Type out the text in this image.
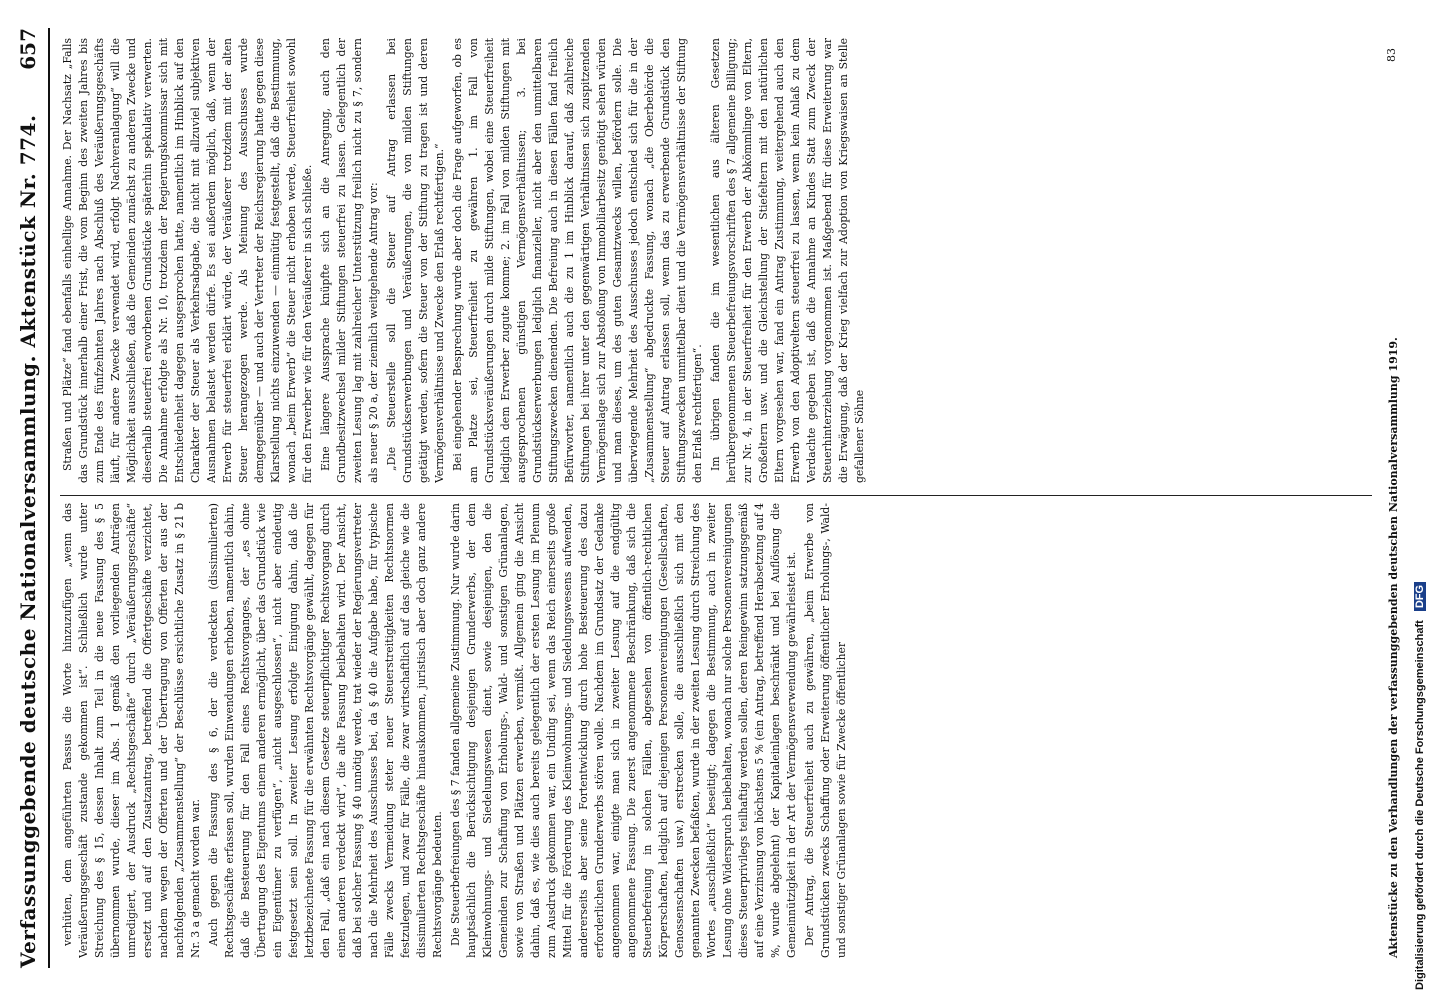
Verfassunggebende deutsche Nationalversammlung. Aktenstück Nr. 774.
657

verhüten, dem angeführten Passus die Worte hinzuzufügen „wenn das Veräußerungsgeschäft zustande gekommen ist“. Schließlich wurde unter Streichung des § 15, dessen Inhalt zum Teil in die neue Fassung des § 5 übernommen wurde, dieser im Abs. 1 gemäß den vorliegenden Anträgen umredigiert, der Ausdruck „Rechtsgeschäfte“ durch „Veräußerungsgeschäfte“ ersetzt und auf den Zusatzantrag, betreffend die Offertgeschäfte verzichtet, nachdem wegen der Offerten und der Übertragung von Offerten der aus der nachfolgenden „Zusammenstellung“ der Beschlüsse ersichtliche Zusatz in § 21 b Nr. 3 a gemacht worden war. Auch gegen die Fassung des § 6, der die verdeckten (dissimulierten) Rechtsgeschäfte erfassen soll, wurden Einwendungen erhoben, namentlich dahin, daß die Besteuerung für den Fall eines Rechtsvorganges, der „es ohne Übertragung des Eigentums einem anderen ermöglicht, über das Grundstück wie ein Eigentümer zu verfügen“, „nicht ausgeschlossen“, nicht aber eindeutig festgesetzt sein soll. In zweiter Lesung erfolgte Einigung dahin, daß die letztbezeichnete Fassung für die erwähnten Rechtsvorgänge gewählt, dagegen für den Fall, „daß ein nach diesem Gesetze steuerpflichtiger Rechtsvorgang durch einen anderen verdeckt wird“, die alte Fassung beibehalten wird. Der Ansicht, daß bei solcher Fassung § 40 unnötig werde, trat wieder der Regierungsvertreter nach die Mehrheit des Ausschusses bei, da § 40 die Aufgabe habe, für typische Fälle zwecks Vermeidung steter neuer Steuerstreitigkeiten Rechtsnormen festzulegen, und zwar für Fälle, die zwar wirtschaftlich auf das gleiche wie die dissimulierten Rechtsgeschäfte hinauskommen, juristisch aber doch ganz andere Rechtsvorgänge bedeuten. Die Steuerbefreiungen des § 7 fanden allgemeine Zustimmung. Nur wurde darin hauptsächlich die Berücksichtigung desjenigen Grunderwerbs, der dem Kleinwohnungs- und Siedelungswesen dient, sowie desjenigen, den die Gemeinden zur Schaffung von Erholungs-, Wald- und sonstigen Grünanlagen, sowie von Straßen und Plätzen erwerben, vermißt. Allgemein ging die Ansicht dahin, daß es, wie dies auch bereits gelegentlich der ersten Lesung im Plenum zum Ausdruck gekommen war, ein Unding sei, wenn das Reich einerseits große Mittel für die Förderung des Kleinwohnungs- und Siedelungswesens aufwenden, andererseits aber seine Fortentwicklung durch hohe Besteuerung des dazu erforderlichen Grunderwerbs stören wolle. Nachdem im Grundsatz der Gedanke angenommen war, einigte man sich in zweiter Lesung auf die endgültig angenommene Fassung. Die zuerst angenommene Beschränkung, daß sich die Steuerbefreiung in solchen Fällen, abgesehen von öffentlich-rechtlichen Körperschaften, lediglich auf diejenigen Personenvereinigungen (Gesellschaften, Genossenschaften usw.) erstrecken solle, die ausschließlich sich mit den genannten Zwecken befaßten, wurde in der zweiten Lesung durch Streichung des Wortes „ausschließlich“ beseitigt; dagegen die Bestimmung, auch in zweiter Lesung ohne Widerspruch beibehalten, wonach nur solche Personenvereinigungen dieses Steuerprivilegs teilhaftig werden sollen, deren Reingewinn satzungsgemäß auf eine Verzinsung von höchstens 5 % (ein Antrag, betreffend Herabsetzung auf 4 %, wurde abgelehnt) der Kapitaleinlagen beschränkt und bei Auflösung die Gemeinnützigkeit in der Art der Vermögensverwendung gewährleistet ist. Der Antrag, die Steuerfreiheit auch zu gewähren, „beim Erwerbe von Grundstücken zwecks Schaffung oder Erweiterung öffentlicher Erholungs-, Wald- und sonstiger Grünanlagen sowie für Zwecke öffentlicher

Straßen und Plätze“ fand ebenfalls einhellige Annahme. Der Nachsatz „Falls das Grundstück innerhalb einer Frist, die vom Beginn des zweiten Jahres bis zum Ende des fünfzehnten Jahres nach Abschluß des Veräußerungsgeschäfts läuft, für andere Zwecke verwendet wird, erfolgt Nachveranlagung“ will die Möglichkeit ausschließen, daß die Gemeinden zunächst zu anderen Zwecke und dieserhalb steuerfrei erworbenen Grundstücke späterhin spekulativ verwerten. Die Annahme erfolgte als Nr. 10, trotzdem der Regierungskommissar sich mit Entschiedenheit dagegen ausgesprochen hatte, namentlich im Hinblick auf den Charakter der Steuer als Verkehrsabgabe, die nicht mit allzuviel subjektiven Ausnahmen belastet werden dürfe. Es sei außerdem möglich, daß, wenn der Erwerb für steuerfrei erklärt würde, der Veräußerer trotzdem mit der alten Steuer herangezogen werde. Als Meinung des Ausschusses wurde demgegenüber — und auch der Vertreter der Reichsregierung hatte gegen diese Klarstellung nichts einzuwenden — einmütig festgestellt, daß die Bestimmung, wonach „beim Erwerb“ die Steuer nicht erhoben werde, Steuerfreiheit sowohl für den Erwerber wie für den Veräußerer in sich schließe. Eine längere Aussprache knüpfte sich an die Anregung, auch den Grundbesitzwechsel milder Stiftungen steuerfrei zu lassen. Gelegentlich der zweiten Lesung lag mit zahlreicher Unterstützung freilich nicht zu § 7, sondern als neuer § 20 a, der ziemlich weitgehende Antrag vor: „Die Steuerstelle soll die Steuer auf Antrag erlassen bei Grundstückserwerbungen und Veräußerungen, die von milden Stiftungen getätigt werden, sofern die Steuer von der Stiftung zu tragen ist und deren Vermögensverhältnisse und Zwecke den Erlaß rechtfertigen.“ Bei eingehender Besprechung wurde aber doch die Frage aufgeworfen, ob es am Platze sei, Steuerfreiheit zu gewähren 1. im Fall von Grundstücksveräußerungen durch milde Stiftungen, wobei eine Steuerfreiheit lediglich dem Erwerber zugute komme; 2. im Fall von milden Stiftungen mit ausgesprochenen günstigen Vermögensverhältnissen; 3. bei Grundstückserwerbungen lediglich finanzieller, nicht aber den unmittelbaren Stiftungszwecken dienenden. Die Befreiung auch in diesen Fällen fand freilich Befürworter, namentlich auch die zu 1 im Hinblick darauf, daß zahlreiche Stiftungen bei ihrer unter den gegenwärtigen Verhältnissen sich zuspitzenden Vermögenslage sich zur Abstoßung von Immobiliarbesitz genötigt sehen würden und man dieses, um des guten Gesamtzwecks willen, befördern solle. Die überwiegende Mehrheit des Ausschusses jedoch entschied sich für die in der „Zusammenstellung“ abgedruckte Fassung, wonach „die Oberbehörde die Steuer auf Antrag erlassen soll, wenn das zu erwerbende Grundstück den Stiftungszwecken unmittelbar dient und die Vermögensverhältnisse der Stiftung den Erlaß rechtfertigen“. Im übrigen fanden die im wesentlichen aus älteren Gesetzen herübergenommenen Steuerbefreiungsvorschriften des § 7 allgemeine Billigung; zur Nr. 4, in der Steuerfreiheit für den Erwerb der Abkömmlinge von Eltern, Großeltern usw. und die Gleichstellung der Stiefeltern mit den natürlichen Eltern vorgesehen war, fand ein Antrag Zustimmung, weitergehend auch den Erwerb von den Adoptiveltern steuerfrei zu lassen, wenn kein Anlaß zu dem Verdachte gegeben ist, daß die Annahme an Kindes Statt zum Zweck der Steuerhinterziehung vorgenommen ist. Maßgebend für diese Erweiterung war die Erwägung, daß der Krieg vielfach zur Adoption von Kriegswaisen an Stelle gefallener Söhne	Aktenstücke zu den Verhandlungen der verfassunggebenden deutschen Nationalversammlung 1919.
83
Digitalisierung gefördert durch die Deutsche Forschungsgemeinschaft DFG
